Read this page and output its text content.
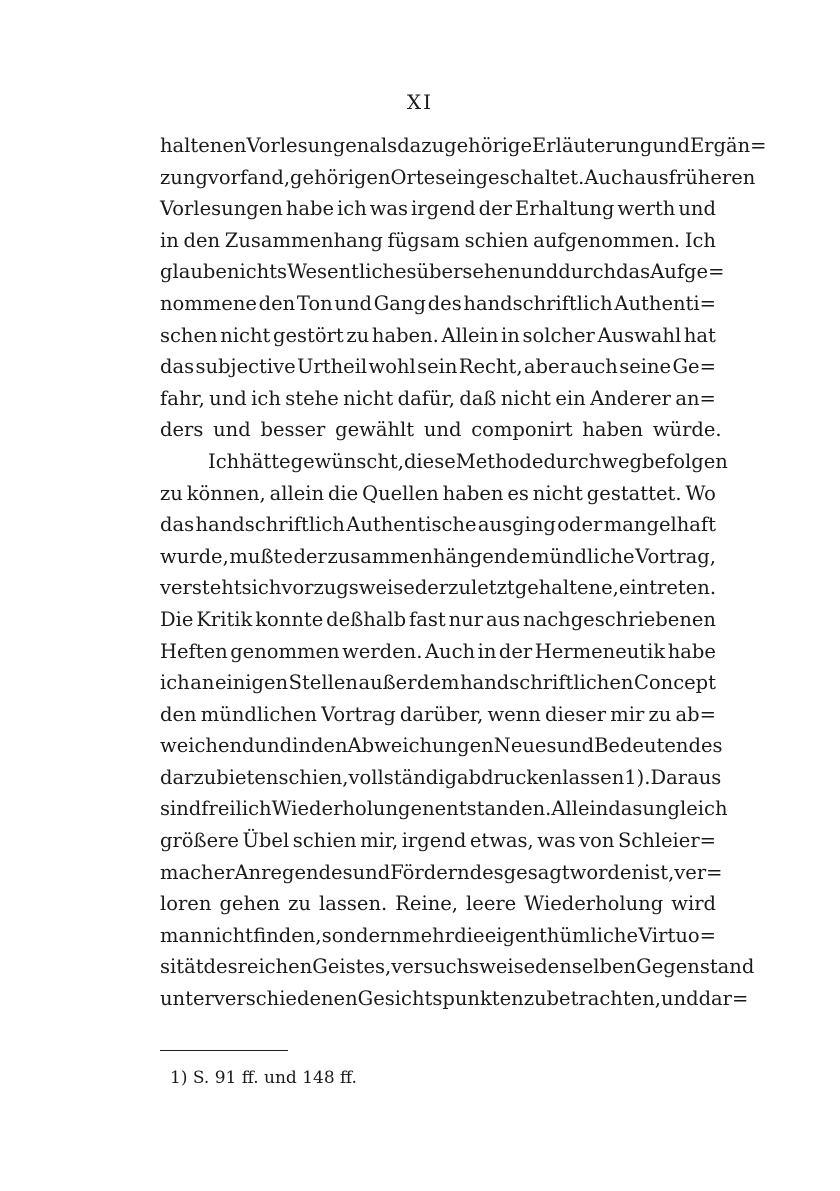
XI
haltenen Vorlesungen als dazu gehörige Erläuterung und Ergän=
zung vorfand, gehörigen Ortes eingeschaltet. Auch aus früheren
Vorlesungen habe ich was irgend der Erhaltung werth und
in den Zusammenhang fügsam schien aufgenommen. Ich
glaube nichts Wesentliches übersehen und durch das Aufge=
nommene den Ton und Gang des handschriftlich Authenti=
schen nicht gestört zu haben. Allein in solcher Auswahl hat
das subjective Urtheil wohl sein Recht, aber auch seine Ge=
fahr, und ich stehe nicht dafür, daß nicht ein Anderer an=
ders und besser gewählt und componirt haben würde.
Ich hätte gewünscht, diese Methode durchweg befolgen
zu können, allein die Quellen haben es nicht gestattet. Wo
das handschriftlich Authentische ausging oder mangelhaft
wurde, mußte der zusammenhängende mündliche Vortrag,
versteht sich vorzugsweise der zuletztgehaltene, eintreten.
Die Kritik konnte deßhalb fast nur aus nachgeschriebenen
Heften genommen werden. Auch in der Hermeneutik habe
ich an einigen Stellen außer dem handschriftlichen Concept
den mündlichen Vortrag darüber, wenn dieser mir zu ab=
weichend und in den Abweichungen Neues und Bedeutendes
darzubieten schien, vollständig abdrucken lassen 1). Daraus
sind freilich Wiederholungen entstanden. Allein das ungleich
größere Übel schien mir, irgend etwas, was von Schleier=
macher Anregendes und Förderndes gesagt worden ist, ver=
loren gehen zu lassen. Reine, leere Wiederholung wird
man nicht finden, sondern mehr die eigenthümliche Virtuo=
sität des reichen Geistes, versuchsweise denselben Gegenstand
unter verschiedenen Gesichtspunkten zu betrachten, und dar=
1) S. 91 ff. und 148 ff.
